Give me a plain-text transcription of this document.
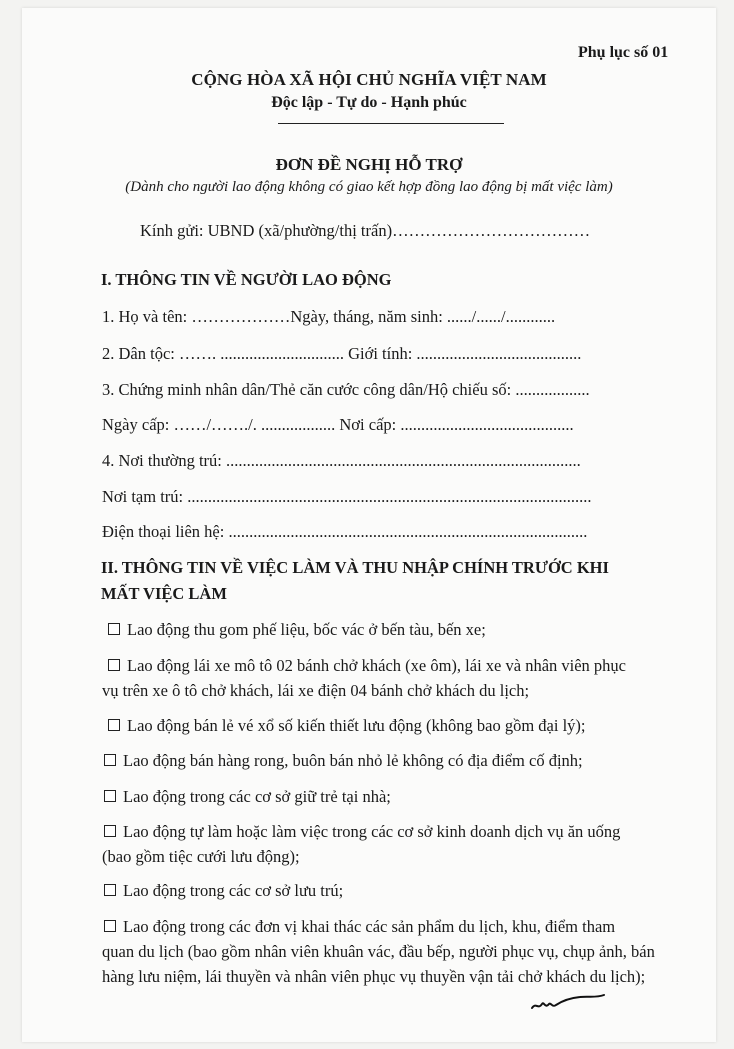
Phụ lục số 01
CỘNG HÒA XÃ HỘI CHỦ NGHĨA VIỆT NAM
Độc lập - Tự do - Hạnh phúc
ĐƠN ĐỀ NGHỊ HỖ TRỢ
(Dành cho người lao động không có giao kết hợp đồng lao động bị mất việc làm)
Kính gửi: UBND (xã/phường/thị trấn)………………………………
I. THÔNG TIN VỀ NGƯỜI LAO ĐỘNG
1. Họ và tên: ………………Ngày, tháng, năm sinh: ....../....../............
2. Dân tộc: ……. .............................. Giới tính: ........................................
3. Chứng minh nhân dân/Thẻ căn cước công dân/Hộ chiếu số: ..................
Ngày cấp: ……/……./. .................. Nơi cấp: ..........................................
4. Nơi thường trú: ......................................................................................
Nơi tạm trú: ..................................................................................................
Điện thoại liên hệ: .......................................................................................
II. THÔNG TIN VỀ VIỆC LÀM VÀ THU NHẬP CHÍNH TRƯỚC KHI
MẤT VIỆC LÀM
Lao động thu gom phế liệu, bốc vác ở bến tàu, bến xe;
Lao động lái xe mô tô 02 bánh chở khách (xe ôm), lái xe và nhân viên phục
vụ trên xe ô tô chở khách, lái xe điện 04 bánh chở khách du lịch;
Lao động bán lẻ vé xổ số kiến thiết lưu động (không bao gồm đại lý);
Lao động bán hàng rong, buôn bán nhỏ lẻ không có địa điểm cố định;
Lao động trong các cơ sở giữ trẻ tại nhà;
Lao động tự làm hoặc làm việc trong các cơ sở kinh doanh dịch vụ ăn uống
(bao gồm tiệc cưới lưu động);
Lao động trong các cơ sở lưu trú;
Lao động trong các đơn vị khai thác các sản phẩm du lịch, khu, điểm tham
quan du lịch (bao gồm nhân viên khuân vác, đầu bếp, người phục vụ, chụp ảnh, bán
hàng lưu niệm, lái thuyền và nhân viên phục vụ thuyền vận tải chở khách du lịch);
